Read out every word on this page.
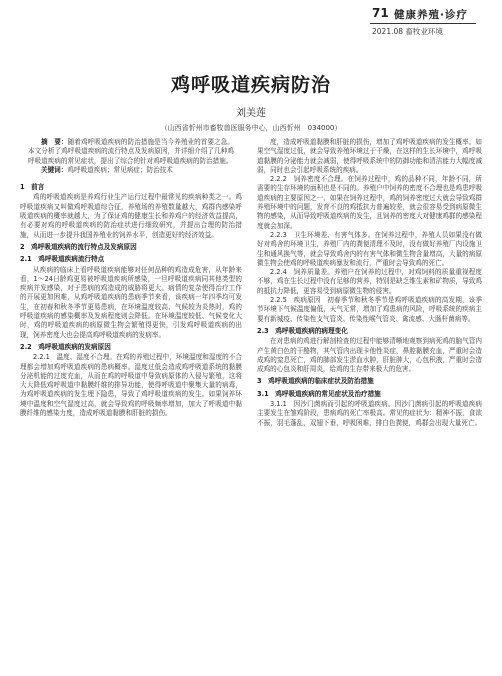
71 健康养殖·诊疗
2021.08 畜牧业环境
鸡呼吸道疾病防治
刘美莲
（山西省忻州市畜牧兽医服务中心，山西忻州　034000）

摘　要：随着鸡呼吸道疾病的防治措施是当今养殖业的首要之急。本文分析了鸡呼吸道疾病的流行特点及发病原因，并详细介绍了几种鸡呼吸道疾病的常见症状，提出了综合的针对鸡呼吸道疾病的防治措施。

关键词：鸡呼吸道疾病；常见病症；防治技术

1　前言

鸡的呼吸道疾病是养鸡行业生产运行过程中最常见的疾病种类之一。鸡呼吸道疾病又叫做鸡呼吸道综合征，养殖场的养殖数量越大，鸡群内感染呼吸道疾病的概率就越大，为了保证鸡的健康生长和养鸡户的经济效益提高，有必要对鸡的呼吸道疾病的防治症状进行细致研究，并提出合理的防治措施，从而进一步提升我国养殖业的饲养水平，创造更好的经济效益。

2　鸡呼吸道疾病的流行特点及发病原因
2.1　鸡呼吸道疾病流行特点

从疾病的临床上看呼吸道疾病能够对任何品种的鸡造成危害，从年龄来看，1～24日龄鸡更易被呼吸道疾病所感染，一旦呼吸道疾病同其他类型的疾病并发感染，对于患病的鸡造成的威胁将更大。病情的复杂使得治疗工作的开展更加困难，从鸡呼吸道疾病的患病季节来看，该疾病一年四季均可发生，在初春和秋冬季节更易患病，在环境温度较高、气候较为炎热时，鸡的呼吸道疾病的感染概率及发病程度则会降低。在环境温度较低、气候变化大时，鸡的呼吸道疾病的病原微生物会繁殖得更快，引发鸡呼吸道疾病的出现，饲养密度大也会提高鸡呼吸道疾病的发病率。

2.2　鸡呼吸道疾病的发病原因

2.2.1　温度、湿度不合理。在鸡的养殖过程中，环境温度和湿度的不合理都会增加鸡呼吸道疾病的患病概率。湿度过低会造成鸡呼吸道系统的黏膜分泌机能的过度充血，从而在鸡的呼吸道中导致病原体的入侵与繁殖，这将大大降低鸡呼吸道中黏膜纤维的排异功能，使得呼吸道中聚集大量的病毒，为鸡呼吸道疾病的发生埋下隐患，导致了鸡呼吸道疾病的发生。如果饲养环境中温度和空气湿度过高，就会导致鸡的呼吸频率增加，加大了呼吸道中黏膜纤维的感染力度，造成呼吸道黏膜和肝脏的损伤。

度，造成呼吸道黏膜和肝脏的损伤，增加了鸡呼吸道疾病的发生概率。如果空气湿度过低，就会导致养殖环境过于干燥，在这样的生长环境中，鸡呼吸道黏膜的分泌能力就会减弱，使得呼吸系统中的防御功能和清洁能力大幅度减弱，同时也会引起呼吸系统的疾病。

2.2.2　饲养密度不合理。在饲养过程中，鸡的品种不同，年龄不同，所需要的生存环境的面积也是不同的。养殖户中饲养的密度不合理也是鸡患呼吸道疾病的主要原因之一，如果在饲养过程中，鸡的饲养密度过大就会导致鸡群养殖环境中的问题，发育不良的鸡抵抗力普遍较差，就会很容易受到病原微生物的感染，从而导致呼吸道疾病的发生，且饲养的密度大对健康鸡群的感染程度就会加深。

2.2.3　卫生环境差、有害气体多。在饲养过程中，养殖人员如果没有做好对鸡舍的环境卫生，养殖厂内的粪便清理不及时，没有做好养殖厂内设施卫生和通风换气等，就会导致鸡舍内的有害气体和微生物含量增高，大量的病原微生物会使鸡的呼吸道疾病暴发和流行，严重时会导致鸡的死亡。

2.2.4　饲养质量差。养殖户在饲养的过程中，对鸡饲料的质量重视程度不够，鸡在生长过程中没有足够的营养，特别是缺乏维生素和矿物质，导致鸡的抵抗力降低，更容易受到病原微生物的侵害。

2.2.5　疾病原因　初春季节和秋冬季节是鸡呼吸道疾病的高发期，该季节环境下气候温度偏低，天气无常，增加了鸡患病的风险，呼吸系统的疾病主要有新城疫、传染性支气管炎、传染性喉气管炎、禽流感、大肠杆菌病等。

2.3　鸡呼吸道疾病的病理变化

在对患病的鸡进行解剖检查的过程中能够清晰地观察到病死鸡的脑气管内产生黄白色的干酪物，其气管内出现卡他性炎症，鼻腔黏膜充血，严重时会造成鸡的窒息死亡，鸡的肺部发生淤血水肿，肝脏肿大，心包积液，严重时会造成鸡的心包炎和肝周炎，给鸡的生存带来极大的危害。

3　鸡呼吸道疾病的临床症状及防治措施
3.1　鸡呼吸道疾病的常见症状及治疗措施

3.1.1　因沙门菌病而引起的呼吸道疾病。因沙门菌病引起的呼吸道疾病主要发生在雏鸡阶段，患病鸡的死亡率极高。常见的症状为：精神不振，食欲不振，羽毛蓬乱，双翅下垂，呼吸困难，排白色粪便，鸡群会出现大量死亡。
